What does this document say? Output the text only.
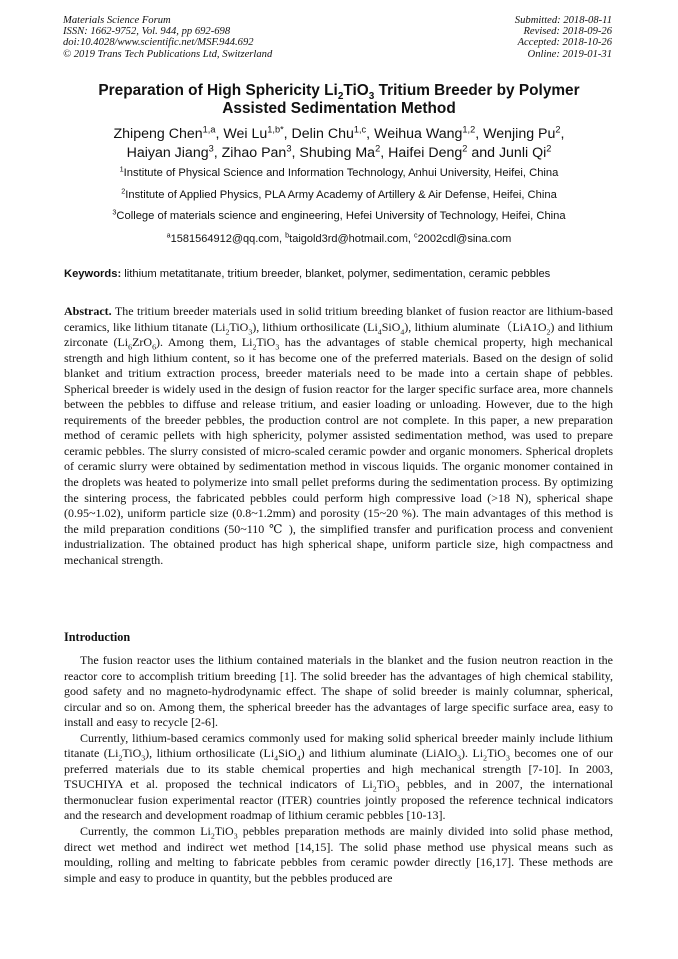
Materials Science Forum
ISSN: 1662-9752, Vol. 944, pp 692-698
doi:10.4028/www.scientific.net/MSF.944.692
© 2019 Trans Tech Publications Ltd, Switzerland
Submitted: 2018-08-11
Revised: 2018-09-26
Accepted: 2018-10-26
Online: 2019-01-31
Preparation of High Sphericity $Li_2TiO_3$ Tritium Breeder by Polymer
Assisted Sedimentation Method
Zhipeng Chen$^{1,a}$, Wei $Lu^{1,b*}$, Delin Chu$^{1,c}$, Weihua Wang$^{1,2}$, Wenjing Pu$^2$,
Haiyan Jiang$^3$, Zihao Pan$^3$, Shubing Ma$^2$, Haifei Deng$^2$ and Junli Qi$^2$
$^1$Institute of Physical Science and Information Technology, Anhui University, Heifei, China
$^2$Institute of Applied Physics, PLA Army Academy of Artillery & Air Defense, Heifei, China
$^3$College of materials science and engineering, Hefei University of Technology, Heifei, China
$^a$1581564912@qq.com, $^b$taigold3rd@hotmail.com, $^c$2002cdl@sina.com
Keywords: lithium metatitanate, tritium breeder, blanket, polymer, sedimentation, ceramic pebbles
Abstract. The tritium breeder materials used in solid tritium breeding blanket of fusion reactor are lithium-based ceramics, like lithium titanate $(Li_2TiO_3)$, lithium orthosilicate $(Li_4SiO_4)$, lithium $aluminate(LiA1O_2)$ and lithium zirconate $(Li_6ZrO_6)$. Among them, $Li_2TiO_3$ has the advantages of stable chemical property, high mechanical strength and high lithium content, so it has become one of the preferred materials. Based on the design of solid blanket and tritium extraction process, breeder materials need to be made into a certain shape of pebbles. Spherical breeder is widely used in the design of fusion reactor for the larger specific surface area, more channels between the pebbles to diffuse and release tritium, and easier loading or unloading. However, due to the high requirements of the breeder pebbles, the production control are not complete. In this paper, a new preparation method of ceramic pellets with high sphericity, polymer assisted sedimentation method, was used to prepare ceramic pebbles. The slurry consisted of micro-scaled ceramic powder and organic monomers. Spherical droplets of ceramic slurry were obtained by sedimentation method in viscous liquids. The organic monomer contained in the droplets was heated to polymerize into small pellet preforms during the sedimentation process. By optimizing the sintering process, the fabricated pebbles could perform high compressive load (>18 N), spherical shape (0.95~1.02), uniform particle size (0.8~1.2mm) and porosity (15~20 %). The main advantages of this method is the mild preparation conditions (50~110 ℃ ), the simplified transfer and purification process and convenient industrialization. The obtained product has high spherical shape, uniform particle size, high compactness and mechanical strength.
Introduction

The fusion reactor uses the lithium contained materials in the blanket and the fusion neutron reaction in the reactor core to accomplish tritium breeding [1]. The solid breeder has the advantages of high chemical stability, good safety and no magneto-hydrodynamic effect. The shape of solid breeder is mainly columnar, spherical, circular and so on. Among them, the spherical breeder has the advantages of large specific surface area, easy to install and easy to recycle [2-6].

Currently, lithium-based ceramics commonly used for making solid spherical breeder mainly include lithium titanate $(Li_2TiO_3)$, lithium orthosilicate $(Li_4SiO_4)$ and lithium aluminate (LiAlO$_3$). $Li_2TiO_3$ becomes one of our preferred materials due to its stable chemical properties and high mechanical strength [7-10]. In 2003, TSUCHIYA et al. proposed the technical indicators of $Li_2TiO_3$ pebbles, and in 2007, the international thermonuclear fusion experimental reactor (ITER) countries jointly proposed the reference technical indicators and the research and development roadmap of lithium ceramic pebbles [10-13].

Currently, the common $Li_2TiO_3$ pebbles preparation methods are mainly divided into solid phase method, direct wet method and indirect wet method [14,15]. The solid phase method use physical means such as moulding, rolling and melting to fabricate pebbles from ceramic powder directly [16,17]. These methods are simple and easy to produce in quantity, but the pebbles produced are
